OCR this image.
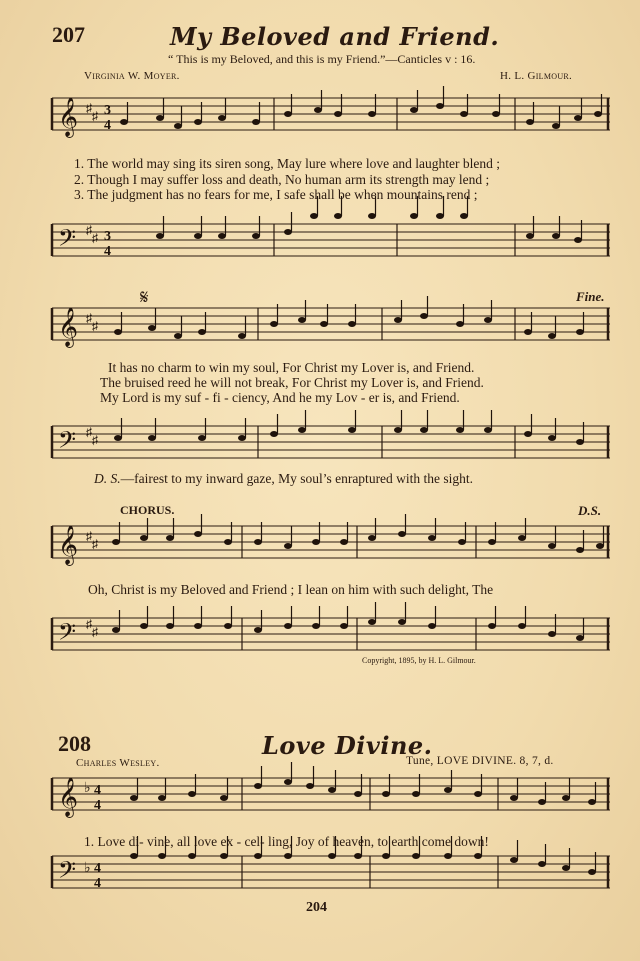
207	My Beloved and Friend.
“ This is my Beloved, and this is my Friend.”—Canticles v : 16.
Virginia W. Moyer.	H. L. Gilmour.
𝄞 ♯
♯ 3
4
1. The world may sing its siren song, May lure where love and laughter blend ;
2. Though I may suffer loss and death, No human arm its strength may lend ;
3. The judgment has no fears for me, I safe shall be when mountains rend ;
𝄢 ♯
♯ 3
4
𝄋	Fine.
𝄞 ♯
♯
It has no charm to win my soul, For Christ my Lover is, and Friend.
The bruised reed he will not break, For Christ my Lover is, and Friend.
My Lord is my suf - fi - ciency, And he my Lov - er is, and Friend.
𝄢 ♯
♯
D. S.—fairest to my inward gaze, My soul’s enraptured with the sight.
CHORUS.	D.S.
𝄞 ♯
♯
Oh, Christ is my Beloved and Friend ; I lean on him with such delight, The
𝄢 ♯
♯
Copyright, 1895, by H. L. Gilmour.
208	Love Divine.
Charles Wesley.	Tune, LOVE DIVINE. 8, 7, d.
𝄞 ♭ 4
4
1. Love di- vine, all love ex - cel- ling, Joy of heaven, to earth come down!
𝄢 ♭ 4
4
204
